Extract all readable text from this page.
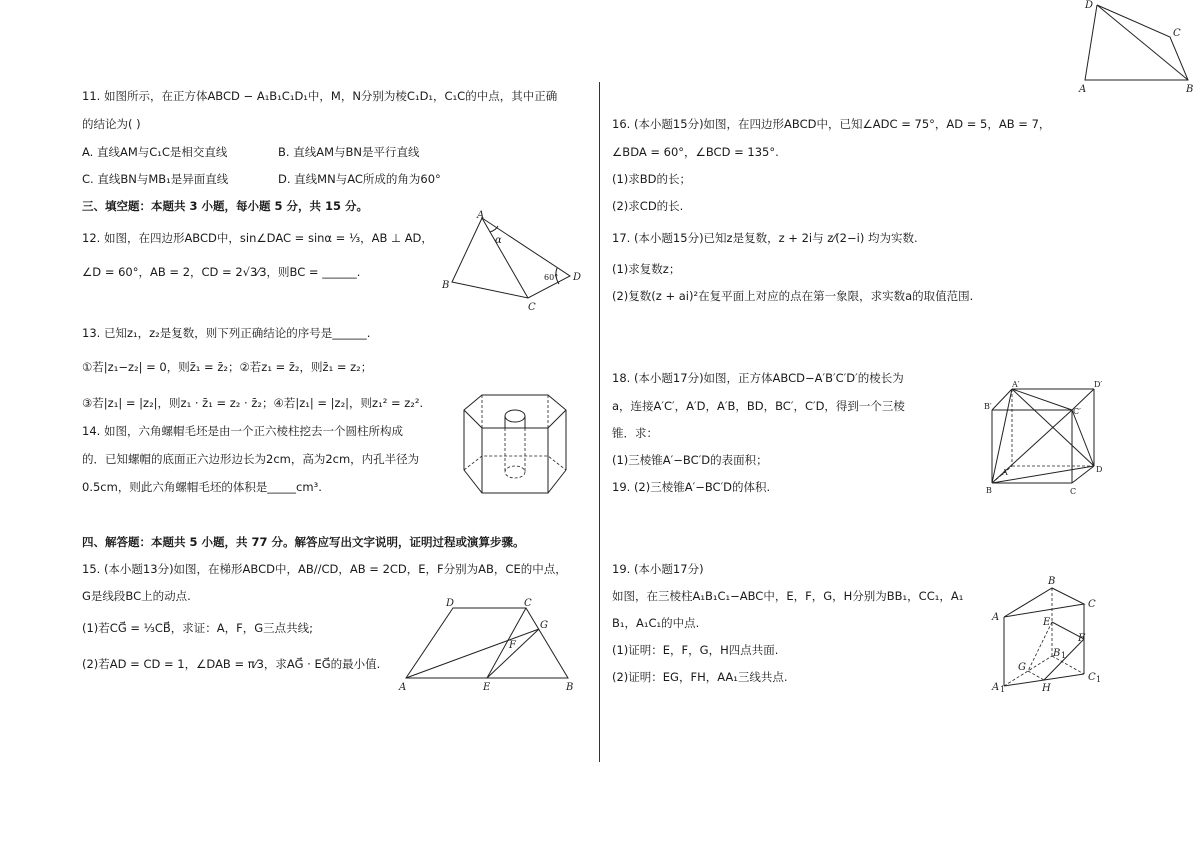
D
C
A	B
11. 如图所示，在正方体ABCD − A₁B₁C₁D₁中，M，N分别为棱C₁D₁，C₁C的中点，其中正确
的结论为( )
A. 直线AM与C₁C是相交直线	B. 直线AM与BN是平行直线
C. 直线BN与MB₁是异面直线	D. 直线MN与AC所成的角为60°
三、填空题：本题共 3 小题，每小题 5 分，共 15 分。
12. 如图，在四边形ABCD中，sin∠DAC = sinα = ⅓，AB ⊥ AD，
∠D = 60°，AB = 2，CD = 2√3⁄3，则BC = ______.
A
B
C
D
α
60°
13. 已知z₁，z₂是复数，则下列正确结论的序号是______.
①若|z₁−z₂| = 0，则z̄₁ = z̄₂；②若z₁ = z̄₂，则z̄₁ = z₂；
③若|z₁| = |z₂|，则z₁ · z̄₁ = z₂ · z̄₂；④若|z₁| = |z₂|，则z₁² = z₂².
14. 如图，六角螺帽毛坯是由一个正六棱柱挖去一个圆柱所构成
的．已知螺帽的底面正六边形边长为2cm，高为2cm，内孔半径为
0.5cm，则此六角螺帽毛坯的体积是_____cm³.
四、解答题：本题共 5 小题，共 77 分。解答应写出文字说明，证明过程或演算步骤。
15. (本小题13分)如图，在梯形ABCD中，AB//CD，AB = 2CD，E，F分别为AB，CE的中点，
G是线段BC上的动点.
(1)若CG⃗ = ⅓CB⃗，求证：A，F，G三点共线;
(2)若AD = CD = 1，∠DAB = π⁄3，求AG⃗ · EG⃗的最小值.
D	C
G
F
A	E	B
16. (本小题15分)如图，在四边形ABCD中，已知∠ADC = 75°，AD = 5，AB = 7，
∠BDA = 60°，∠BCD = 135°.
(1)求BD的长；
(2)求CD的长.
17. (本小题15分)已知z是复数，z + 2i与 z⁄(2−i) 均为实数.
(1)求复数z；
(2)复数(z + ai)²在复平面上对应的点在第一象限，求实数a的取值范围.
18. (本小题17分)如图，正方体ABCD−A′B′C′D′的棱长为
a，连接A′C′，A′D，A′B，BD，BC′，C′D，得到一个三棱
锥．求：
(1)三棱锥A′−BC′D的表面积；
19. (2)三棱锥A′−BC′D的体积.
A′	D′
B′
C′
A	D
B	C
19. (本小题17分)
如图，在三棱柱A₁B₁C₁−ABC中，E，F，G，H分别为BB₁，CC₁，A₁
B₁，A₁C₁的中点.
(1)证明：E，F，G，H四点共面.
(2)证明：EG，FH，AA₁三线共点.
B
C
A	E
F
G
B 1
C 1
A 1	H
